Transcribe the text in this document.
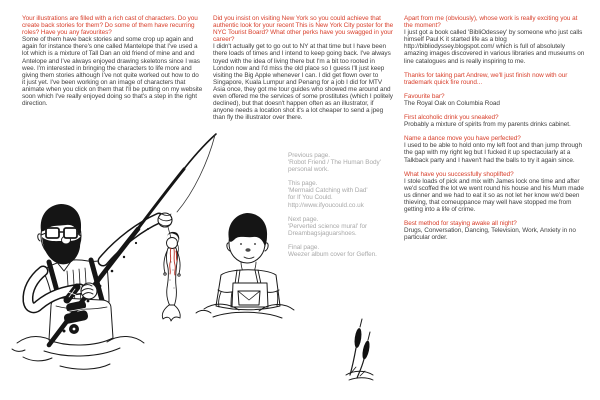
Your illustrations are filled with a rich cast of characters. Do you create back stories for them? Do some of them have recurring roles? Have you any favourites?

Some of them have back stories and some crop up again and again for instance there's one called Mantelope that I've used a lot which is a mixture of Tall Dan an old friend of mine and and Antelope and I've always enjoyed drawing skeletons since I was wee. I'm interested in bringing the characters to life more and giving them stories although I've not quite worked out how to do it just yet. I've been working on an image of characters that animate when you click on them that I'll be putting on my website soon which I've really enjoyed doing so that's a step in the right direction.

Did you insist on visiting New York so you could achieve that authentic look for your recent This is New York City poster for the NYC Tourist Board? What other perks have you swagged in your career?

I didn't actually get to go out to NY at that time but I have been there loads of times and I intend to keep going back. I've always toyed with the idea of living there but I'm a bit too rooted in London now and I'd miss the old place so I guess I'll just keep visiting the Big Apple whenever I can. I did get flown over to Singapore, Kuala Lumpur and Penang for a job I did for MTV Asia once, they got me tour guides who showed me around and even offered me the services of some prostitutes (which I politely declined), but that doesn't happen often as an illustrator, if anyone needs a location shot it's a lot cheaper to send a jpeg than fly the illustrator over there.

Apart from me (obviously), whose work is really exciting you at the moment?

I just got a book called 'BibliOdessey' by someone who just calls himself Paul K it started life as a blog http://bibliodyssey.blogspot.com/ which is full of absolutely amazing images discovered in various libraries and museums on line catalogues and is really inspiring to me.

Thanks for taking part Andrew, we'll just finish now with our trademark quick fire round...

Favourite bar?

The Royal Oak on Columbia Road

First alcoholic drink you sneaked?

Probably a mixture of spirits from my parents drinks cabinet.

Name a dance move you have perfected?

I used to be able to hold onto my left foot and than jump through the gap with my right leg but I fucked it up spectacularly at a Talkback party and I haven't had the balls to try it again since.

What have you successfully shoplifted?

I stole loads of pick and mix with James lock one time and after we'd scoffed the lot we went round his house and his Mum made us dinner and we had to eat it so as not let her know we'd been thieving, that comeuppance may well have stopped me from getting into a life of crime.

Best method for staying awake all night?

Drugs, Conversation, Dancing, Television, Work, Anxiety in no particular order.

Previous page.
'Robot Friend / The Human Body'
personal work.
This page.
'Mermaid Catching with Dad'
for If You Could.
http://www.ifyoucould.co.uk
Next page.
'Perverted science mural' for
Dreambagsjaguarshoes.
Final page.
Weezer album cover for Geffen.
